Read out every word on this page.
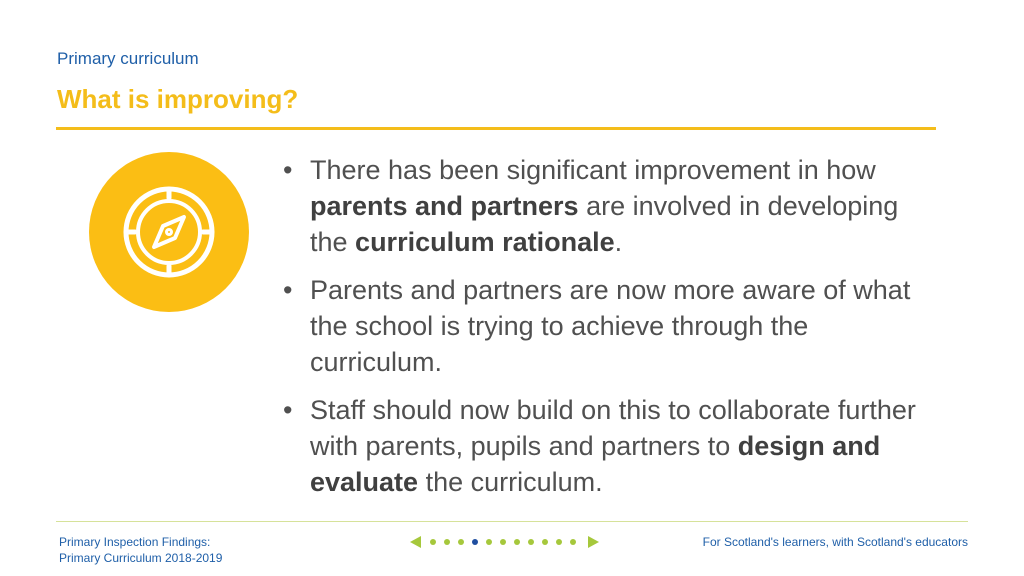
Primary curriculum
What is improving?
• There has been significant improvement in how parents and partners are involved in developing the curriculum rationale.
• Parents and partners are now more aware of what the school is trying to achieve through the curriculum.
• Staff should now build on this to collaborate further with parents, pupils and partners to design and evaluate the curriculum.
Primary Inspection Findings:
Primary Curriculum 2018-2019
For Scotland's learners, with Scotland's educators
